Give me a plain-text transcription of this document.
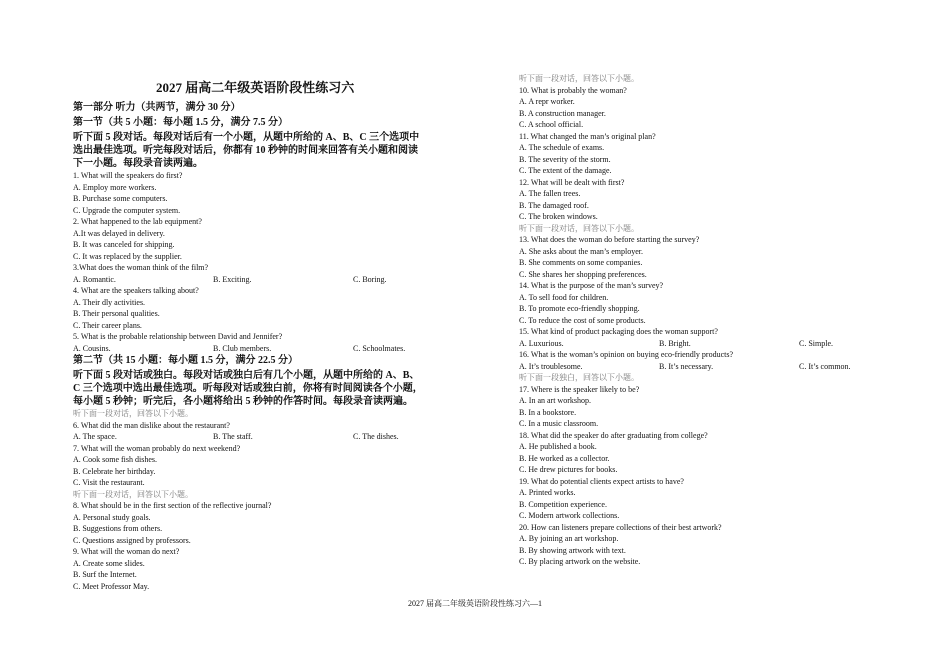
2027 届高二年级英语阶段性练习六

第一部分 听力（共两节，满分 30 分）

第一节（共 5 小题：每小题 1.5 分，满分 7.5 分）

听下面 5 段对话。每段对话后有一个小题，从题中所给的 A、B、C 三个选项中

选出最佳选项。听完每段对话后，你都有 10 秒钟的时间来回答有关小题和阅读

下一小题。每段录音读两遍。

1. What will the speakers do first?

A. Employ more workers.

B. Purchase some computers.

C. Upgrade the computer system.

2. What happened to the lab equipment?

A.It was delayed in delivery.

B. It was canceled for shipping.

C. It was replaced by the supplier.

3.What does the woman think of the film?

A. Romantic.	B. Exciting.	C. Boring.

4. What are the speakers talking about?

A. Their dly activities.

B. Their personal qualities.

C. Their career plans.

5. What is the probable relationship between David and Jennifer?

A. Cousins.	B. Club members.	C. Schoolmates.

第二节（共 15 小题：每小题 1.5 分，满分 22.5 分）

听下面 5 段对话或独白。每段对话或独白后有几个小题，从题中所给的 A、B、

C 三个选项中选出最佳选项。听每段对话或独白前，你将有时间阅读各个小题，

每小题 5 秒钟；听完后，各小题将给出 5 秒钟的作答时间。每段录音读两遍。

听下面一段对话，回答以下小题。

6. What did the man dislike about the restaurant?

A. The space.	B. The staff.	C. The dishes.

7. What will the woman probably do next weekend?

A. Cook some fish dishes.

B. Celebrate her birthday.

C. Visit the restaurant.

听下面一段对话，回答以下小题。

8. What should be in the first section of the reflective journal?

A. Personal study goals.

B. Suggestions from others.

C. Questions assigned by professors.

9. What will the woman do next?

A. Create some slides.

B. Surf the Internet.

C. Meet Professor May.

听下面一段对话，回答以下小题。

10. What is probably the woman?

A. A repr worker.

B. A construction manager.

C. A school official.

11. What changed the man’s original plan?

A. The schedule of exams.

B. The severity of the storm.

C. The extent of the damage.

12. What will be dealt with first?

A. The fallen trees.

B. The damaged roof.

C. The broken windows.

听下面一段对话，回答以下小题。

13. What does the woman do before starting the survey?

A. She asks about the man’s employer.

B. She comments on some companies.

C. She shares her shopping preferences.

14. What is the purpose of the man’s survey?

A. To sell food for children.

B. To promote eco-friendly shopping.

C. To reduce the cost of some products.

15. What kind of product packaging does the woman support?

A. Luxurious.	B. Bright.	C. Simple.

16. What is the woman’s opinion on buying eco-friendly products?

A. It’s troublesome.	B. It’s necessary.	C. It’s common.

听下面一段独白，回答以下小题。

17. Where is the speaker likely to be?

A. In an art workshop.

B. In a bookstore.

C. In a music classroom.

18. What did the speaker do after graduating from college?

A. He published a book.

B. He worked as a collector.

C. He drew pictures for books.

19. What do potential clients expect artists to have?

A. Printed works.

B. Competition experience.

C. Modern artwork collections.

20. How can listeners prepare collections of their best artwork?

A. By joining an art workshop.

B. By showing artwork with text.

C. By placing artwork on the website.

2027 届高二年级英语阶段性练习六—1
